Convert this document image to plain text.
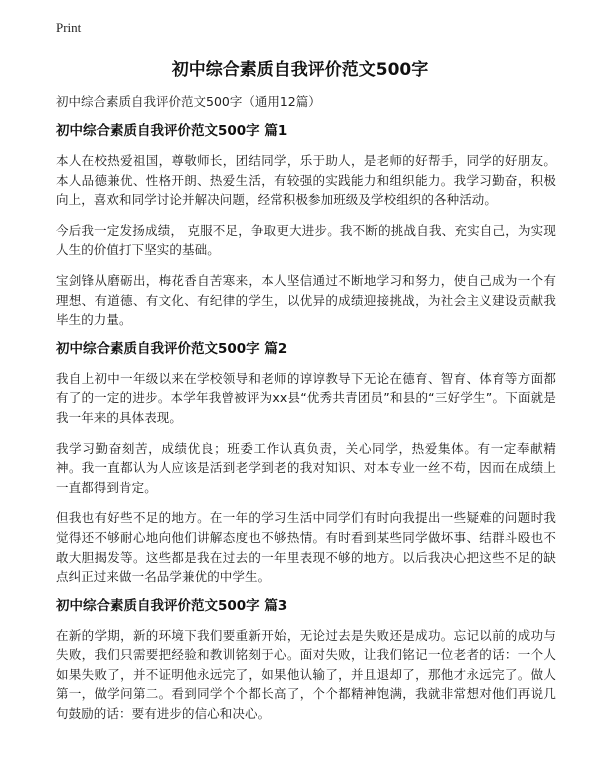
Print
初中综合素质自我评价范文500字

初中综合素质自我评价范文500字（通用12篇）

初中综合素质自我评价范文500字 篇1

本人在校热爱祖国，尊敬师长，团结同学，乐于助人，是老师的好帮手，同学的好朋友。本人品德兼优、性格开朗、热爱生活，有较强的实践能力和组织能力。我学习勤奋，积极向上，喜欢和同学讨论并解决问题，经常积极参加班级及学校组织的各种活动。

今后我一定发扬成绩， 克服不足，争取更大进步。我不断的挑战自我、充实自己，为实现人生的价值打下坚实的基础。

宝剑锋从磨砺出，梅花香自苦寒来，本人坚信通过不断地学习和努力，使自己成为一个有理想、有道德、有文化、有纪律的学生，以优异的成绩迎接挑战，为社会主义建设贡献我毕生的力量。

初中综合素质自我评价范文500字 篇2

我自上初中一年级以来在学校领导和老师的谆谆教导下无论在德育、智育、体育等方面都有了的一定的进步。本学年我曾被评为xx县“优秀共青团员”和县的“三好学生”。下面就是我一年来的具体表现。

我学习勤奋刻苦，成绩优良；班委工作认真负责，关心同学，热爱集体。有一定奉献精神。我一直都认为人应该是活到老学到老的我对知识、对本专业一丝不苟，因而在成绩上一直都得到肯定。

但我也有好些不足的地方。在一年的学习生活中同学们有时向我提出一些疑难的问题时我觉得还不够耐心地向他们讲解态度也不够热情。有时看到某些同学做坏事、结群斗殴也不敢大胆揭发等。这些都是我在过去的一年里表现不够的地方。以后我决心把这些不足的缺点纠正过来做一名品学兼优的中学生。

初中综合素质自我评价范文500字 篇3

在新的学期，新的环境下我们要重新开始，无论过去是失败还是成功。忘记以前的成功与失败，我们只需要把经验和教训铭刻于心。面对失败，让我们铭记一位老者的话：一个人如果失败了，并不证明他永远完了，如果他认输了，并且退却了，那他才永远完了。做人第一，做学问第二。看到同学个个都长高了，个个都精神饱满，我就非常想对他们再说几句鼓励的话：要有进步的信心和决心。
